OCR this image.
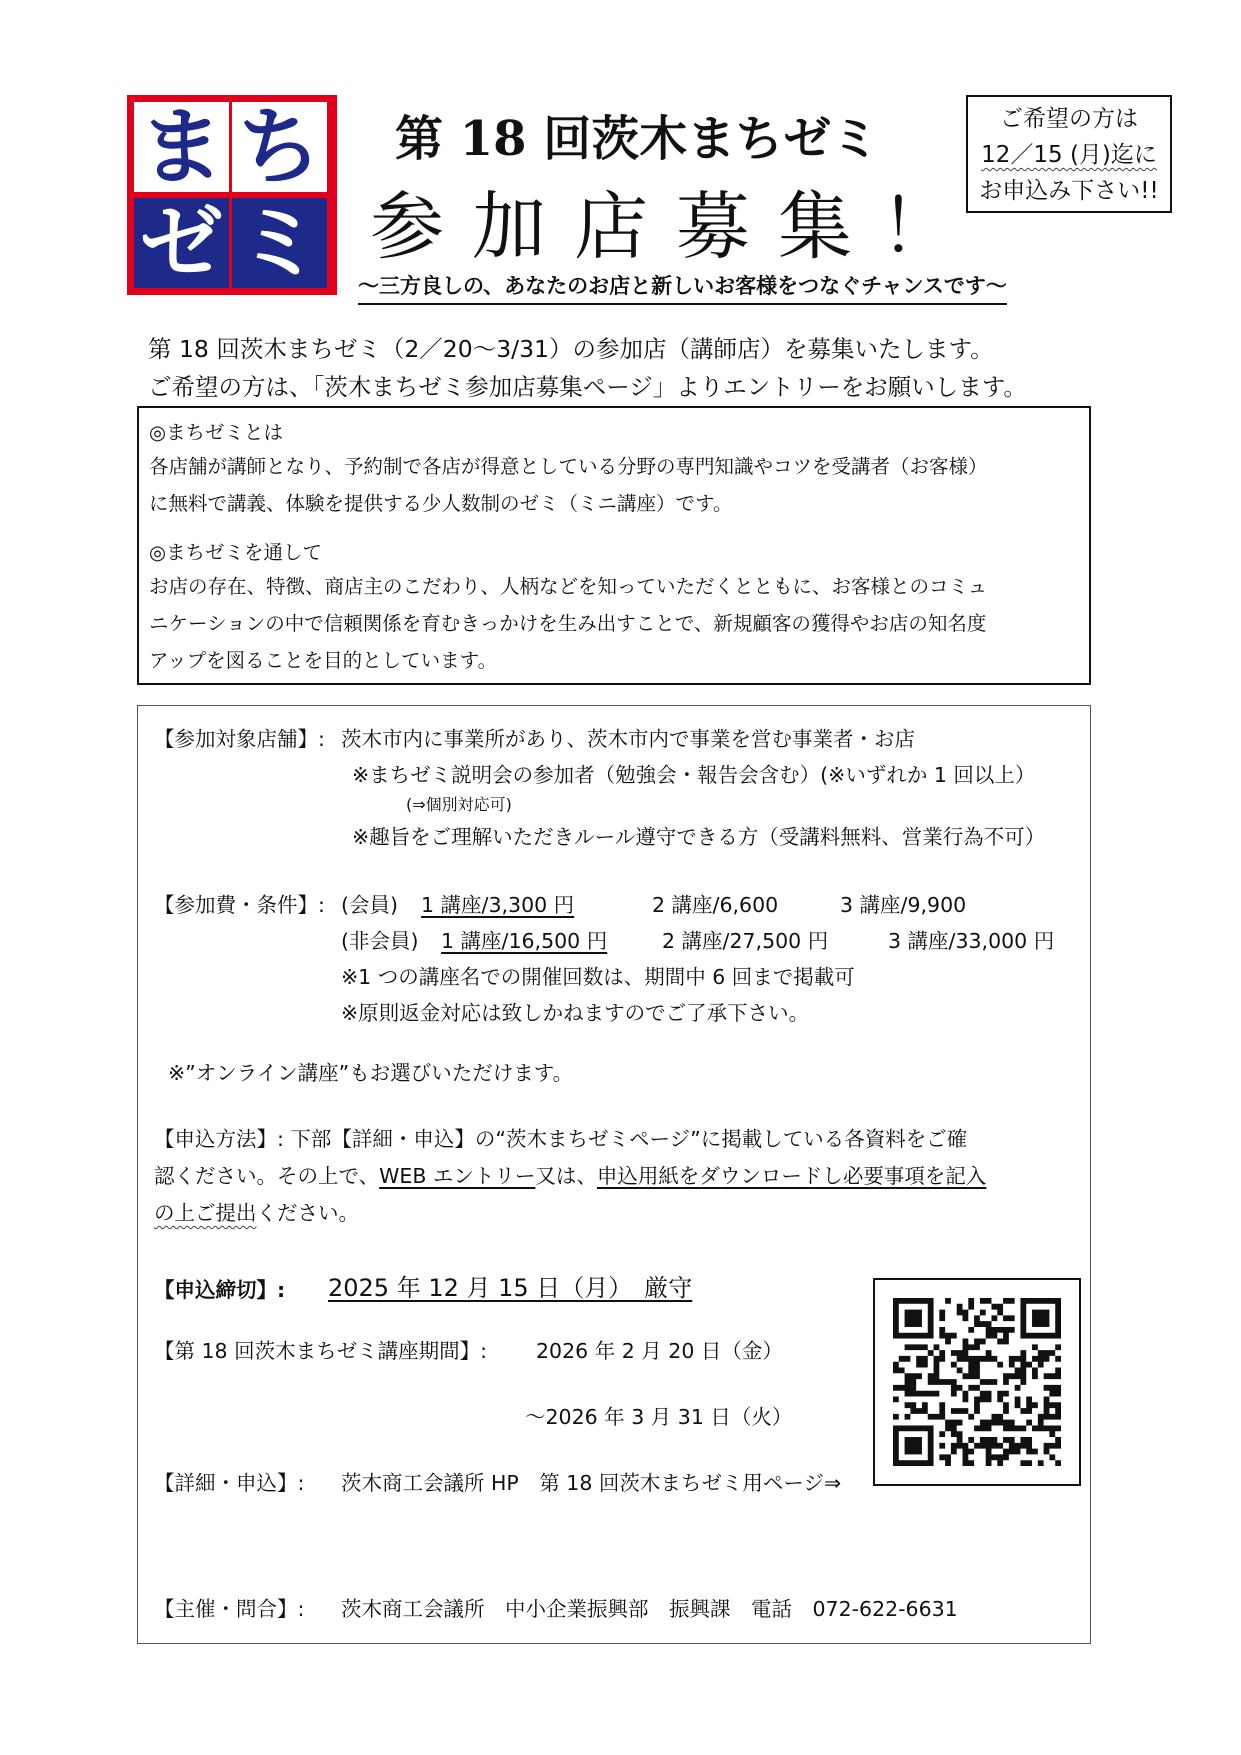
ま ち
ゼ ミ
第 18 回茨木まちゼミ
参加店募集！
〜三方良しの、あなたのお店と新しいお客様をつなぐチャンスです〜
ご希望の方は
12／15 (月)迄に
お申込み下さい!!
第 18 回茨木まちゼミ（2／20〜3/31）の参加店（講師店）を募集いたします。
ご希望の方は、「茨木まちゼミ参加店募集ページ」よりエントリーをお願いします。
◎まちゼミとは
各店舗が講師となり、予約制で各店が得意としている分野の専門知識やコツを受講者（お客様）
に無料で講義、体験を提供する少人数制のゼミ（ミニ講座）です。
◎まちゼミを通して
お店の存在、特徴、商店主のこだわり、人柄などを知っていただくとともに、お客様とのコミュ
ニケーションの中で信頼関係を育むきっかけを生み出すことで、新規顧客の獲得やお店の知名度
アップを図ることを目的としています。
【参加対象店舗】: 茨木市内に事業所があり、茨木市内で事業を営む事業者・お店
※まちゼミ説明会の参加者（勉強会・報告会含む）(※いずれか 1 回以上）
(⇒個別対応可)
※趣旨をご理解いただきルール遵守できる方（受講料無料、営業行為不可）
【参加費・条件】: (会員) 1 講座/3,300 円	2 講座/6,600	3 講座/9,900
(非会員) 1 講座/16,500 円	2 講座/27,500 円	3 講座/33,000 円
※1 つの講座名での開催回数は、期間中 6 回まで掲載可
※原則返金対応は致しかねますのでご了承下さい。
※”オンライン講座”もお選びいただけます。
【申込方法】: 下部【詳細・申込】の“茨木まちゼミページ”に掲載している各資料をご確
認ください。その上で、WEB エントリー又は、申込用紙をダウンロードし必要事項を記入
の上ご提出ください。
【申込締切】: 2025 年 12 月 15 日（月）　厳守
【第 18 回茨木まちゼミ講座期間】: 2026 年 2 月 20 日（金）
〜2026 年 3 月 31 日（火）
【詳細・申込】: 茨木商工会議所 HP　第 18 回茨木まちゼミ用ページ⇒
【主催・問合】: 茨木商工会議所　中小企業振興部　振興課　電話　072-622-6631
